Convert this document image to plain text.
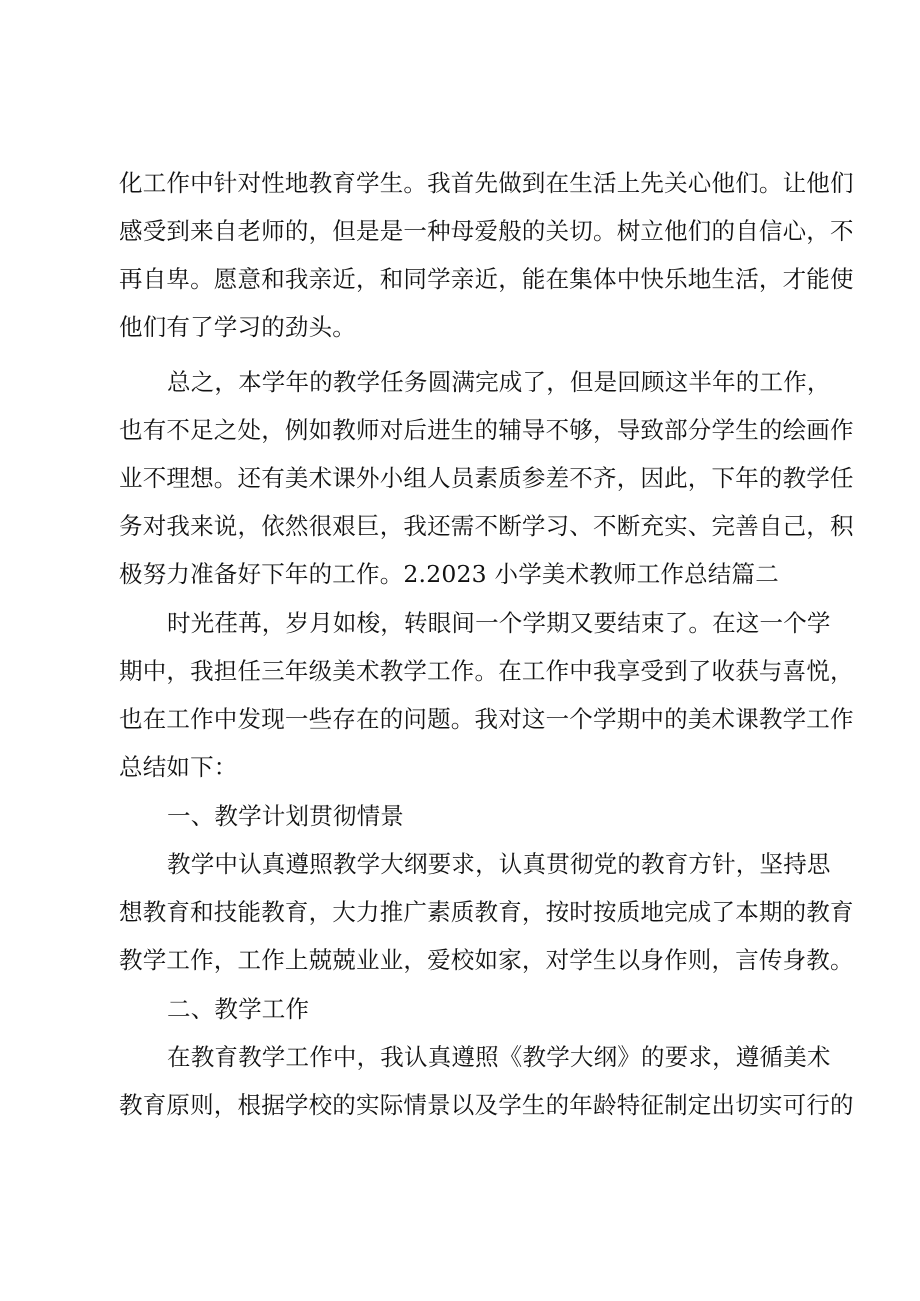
化工作中针对性地教育学生。我首先做到在生活上先关心他们。让他们
感受到来自老师的，但是是一种母爱般的关切。树立他们的自信心，不
再自卑。愿意和我亲近，和同学亲近，能在集体中快乐地生活，才能使
他们有了学习的劲头。
总之，本学年的教学任务圆满完成了，但是回顾这半年的工作，
也有不足之处，例如教师对后进生的辅导不够，导致部分学生的绘画作
业不理想。还有美术课外小组人员素质参差不齐，因此，下年的教学任
务对我来说，依然很艰巨，我还需不断学习、不断充实、完善自己，积
极努力准备好下年的工作。2.2023 小学美术教师工作总结篇二
时光荏苒，岁月如梭，转眼间一个学期又要结束了。在这一个学
期中，我担任三年级美术教学工作。在工作中我享受到了收获与喜悦，
也在工作中发现一些存在的问题。我对这一个学期中的美术课教学工作
总结如下：
一、教学计划贯彻情景
教学中认真遵照教学大纲要求，认真贯彻党的教育方针，坚持思
想教育和技能教育，大力推广素质教育，按时按质地完成了本期的教育
教学工作，工作上兢兢业业，爱校如家，对学生以身作则，言传身教。
二、教学工作
在教育教学工作中，我认真遵照《教学大纲》的要求，遵循美术
教育原则，根据学校的实际情景以及学生的年龄特征制定出切实可行的
